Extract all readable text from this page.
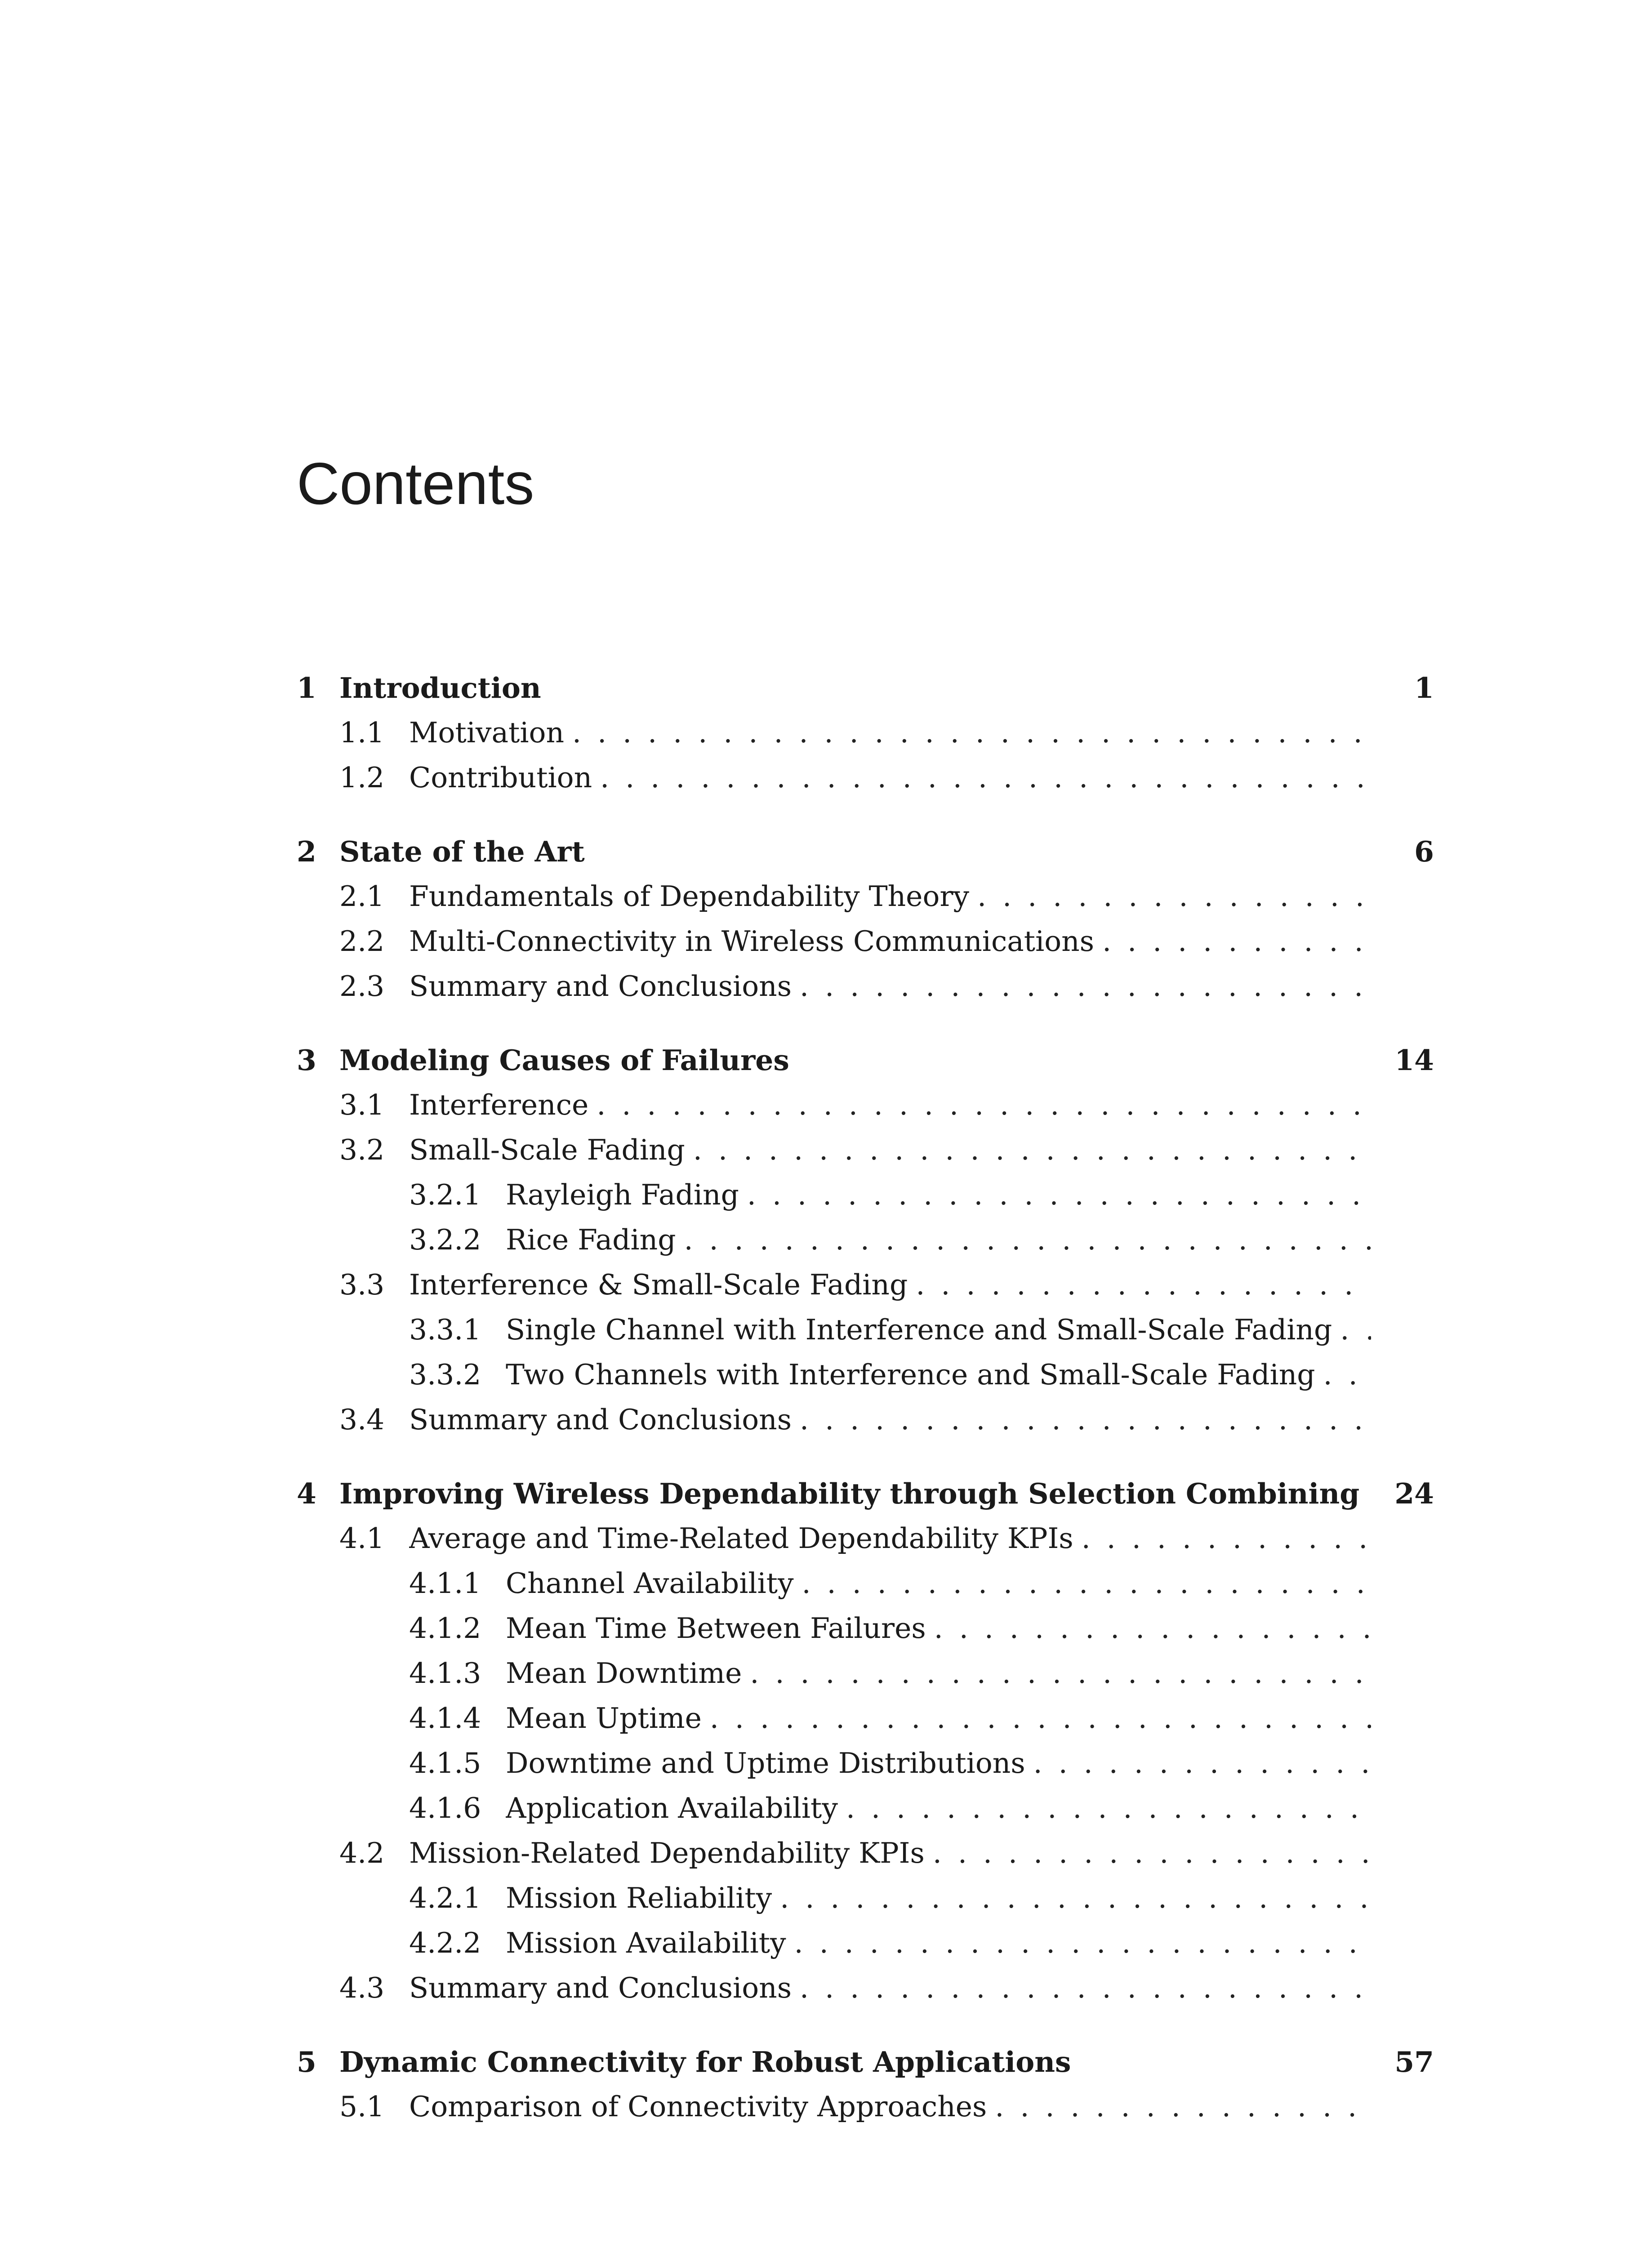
Contents
1 Introduction	1
1.1 Motivation
. . .
1.2 Contribution
. . .
2 State of the Art	6
2.1 Fundamentals of Dependability Theory
. . .
2.2 Multi-Connectivity in Wireless Communications
. . .
2.3 Summary and Conclusions
. . .
3 Modeling Causes of Failures	14
3.1 Interference
. . .
3.2 Small-Scale Fading
. . .
3.2.1 Rayleigh Fading
. . .
3.2.2 Rice Fading
. . .
3.3 Interference & Small-Scale Fading
. . .
3.3.1 Single Channel with Interference and Small-Scale Fading
. . .
3.3.2 Two Channels with Interference and Small-Scale Fading
. . .
3.4 Summary and Conclusions
. . .
4 Improving Wireless Dependability through Selection Combining 24
4.1 Average and Time-Related Dependability KPIs
. . .
4.1.1 Channel Availability
. . .
4.1.2 Mean Time Between Failures
. . .
4.1.3 Mean Downtime
. . .
4.1.4 Mean Uptime
. . .
4.1.5 Downtime and Uptime Distributions
. . .
4.1.6 Application Availability
. . .
4.2 Mission-Related Dependability KPIs
. . .
4.2.1 Mission Reliability
. . .
4.2.2 Mission Availability
. . .
4.3 Summary and Conclusions
. . .
5 Dynamic Connectivity for Robust Applications	57
5.1 Comparison of Connectivity Approaches
. . .
